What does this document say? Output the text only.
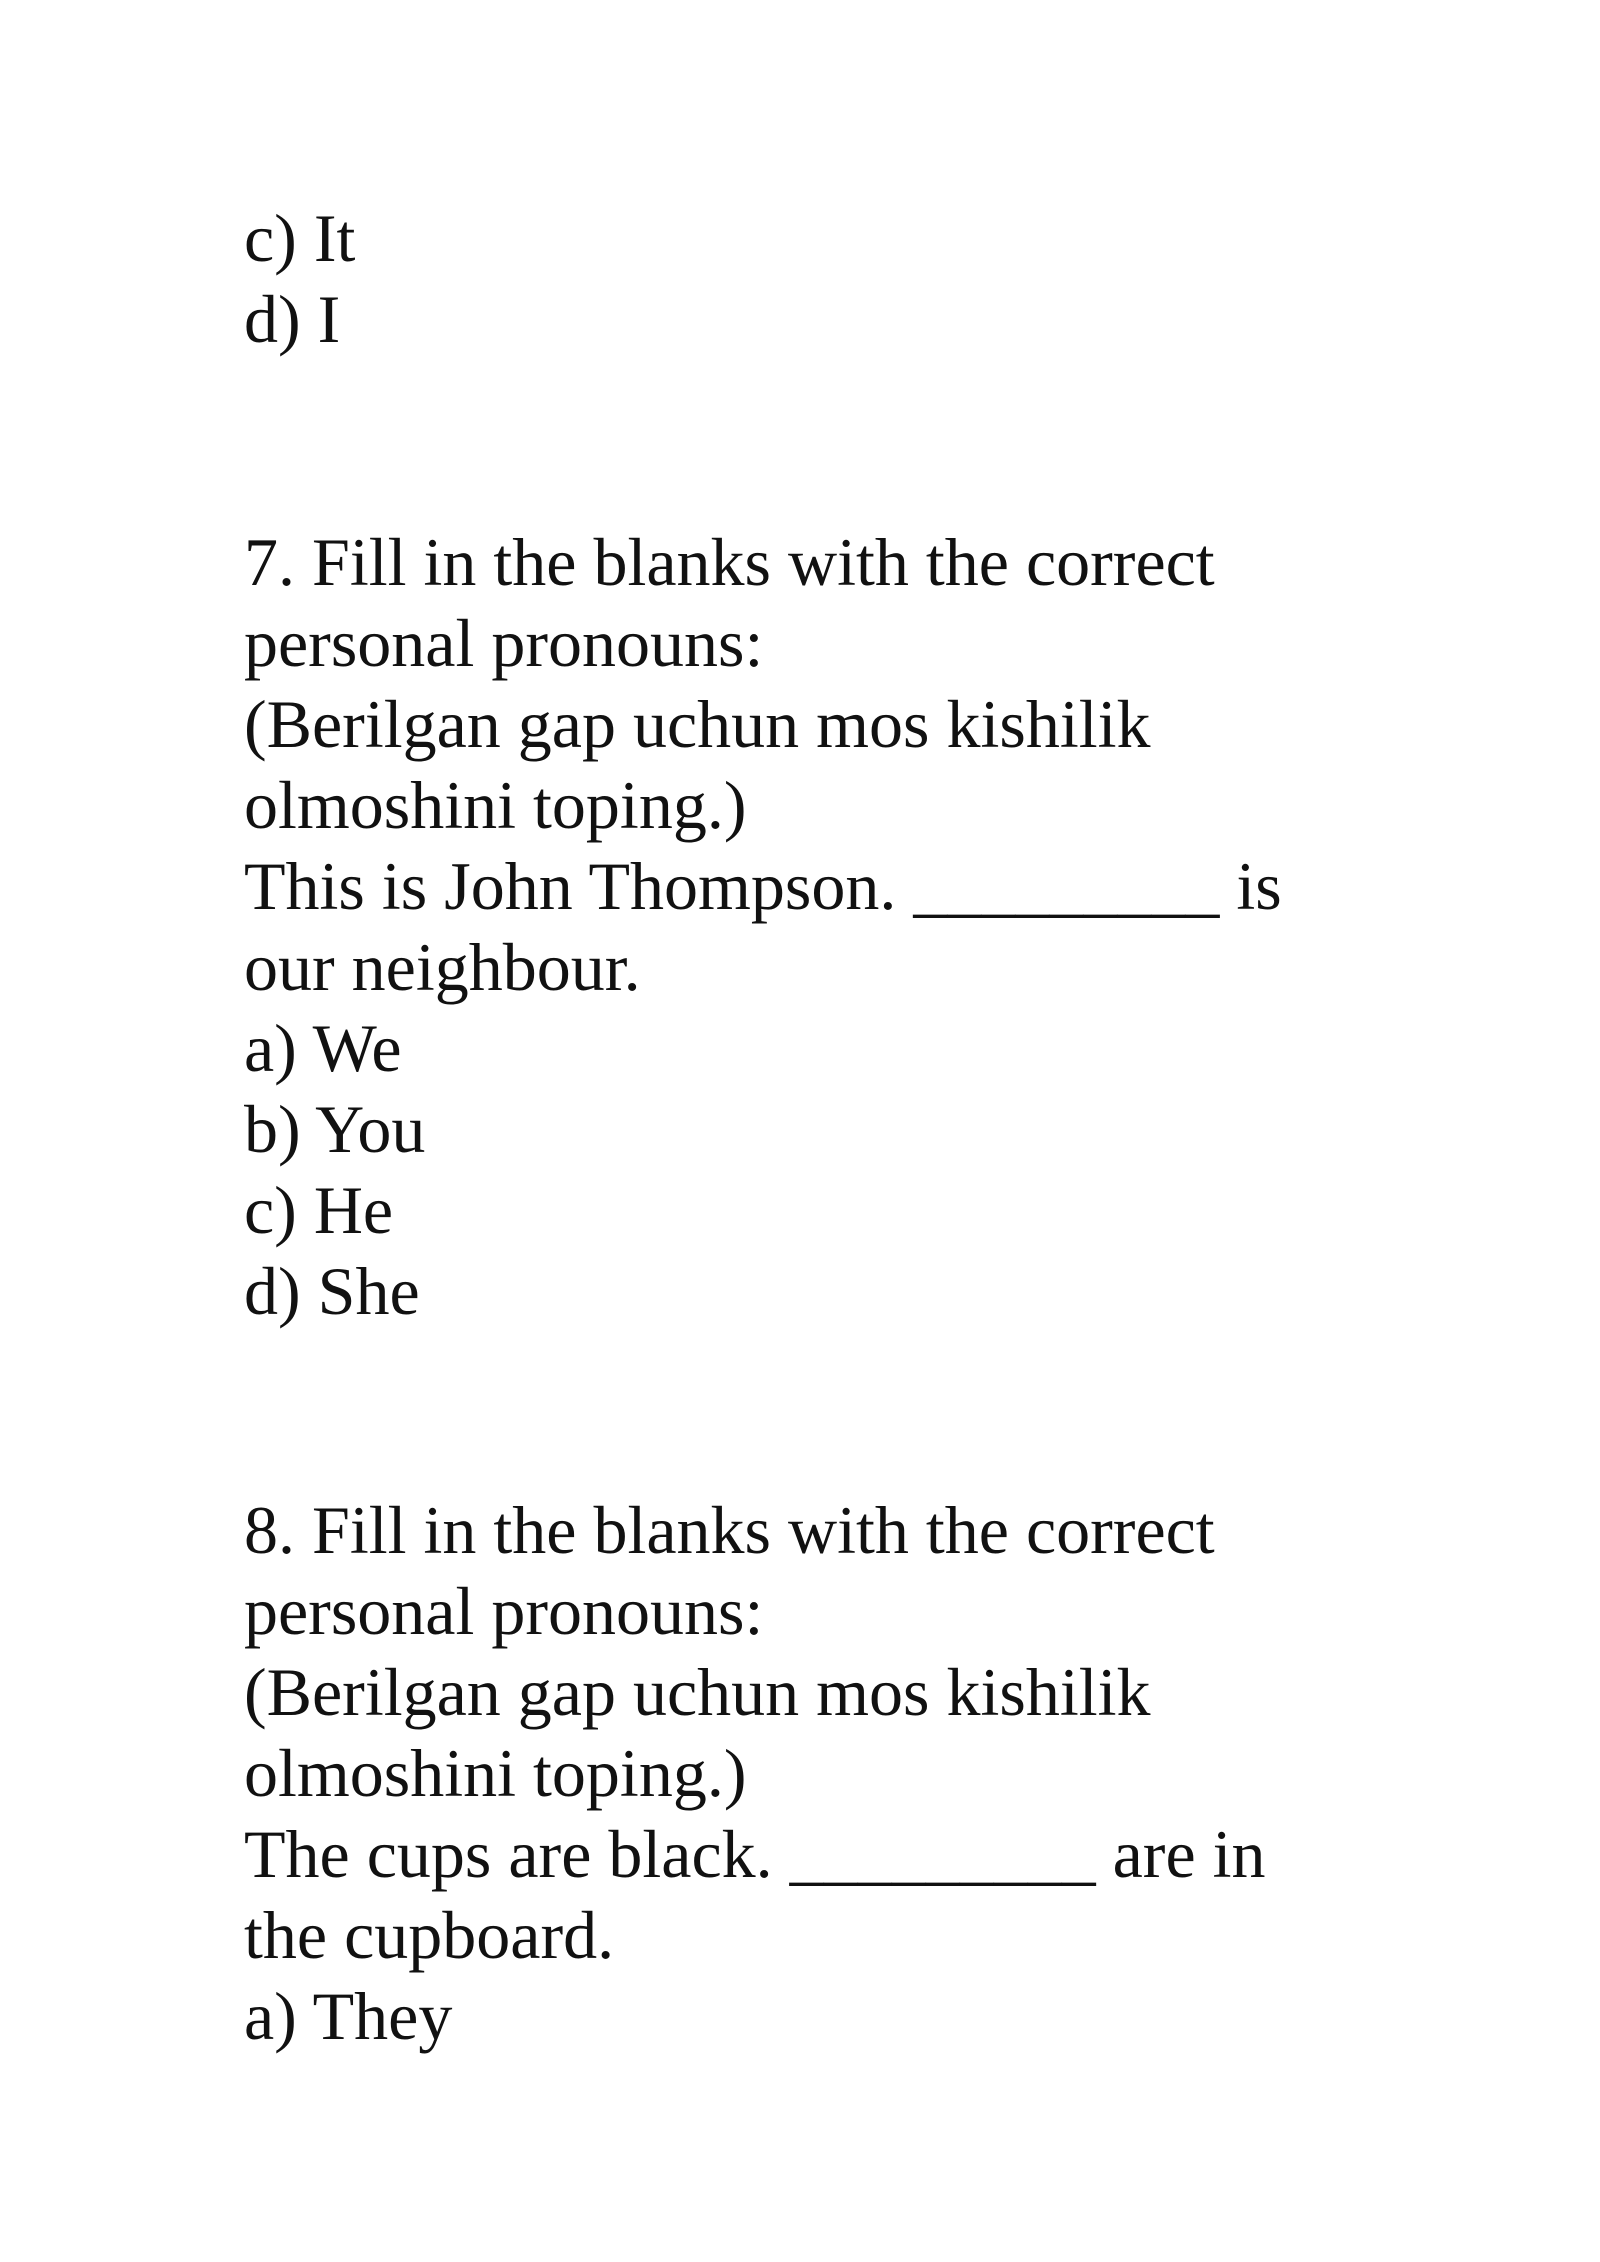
c) It

d) I

7. Fill in the blanks with the correct

personal pronouns:

(Berilgan gap uchun mos kishilik

olmoshini toping.)

This is John Thompson. _________ is

our neighbour.

a) We

b) You

c) He

d) She

8. Fill in the blanks with the correct

personal pronouns:

(Berilgan gap uchun mos kishilik

olmoshini toping.)

The cups are black. _________ are in

the cupboard.

a) They
